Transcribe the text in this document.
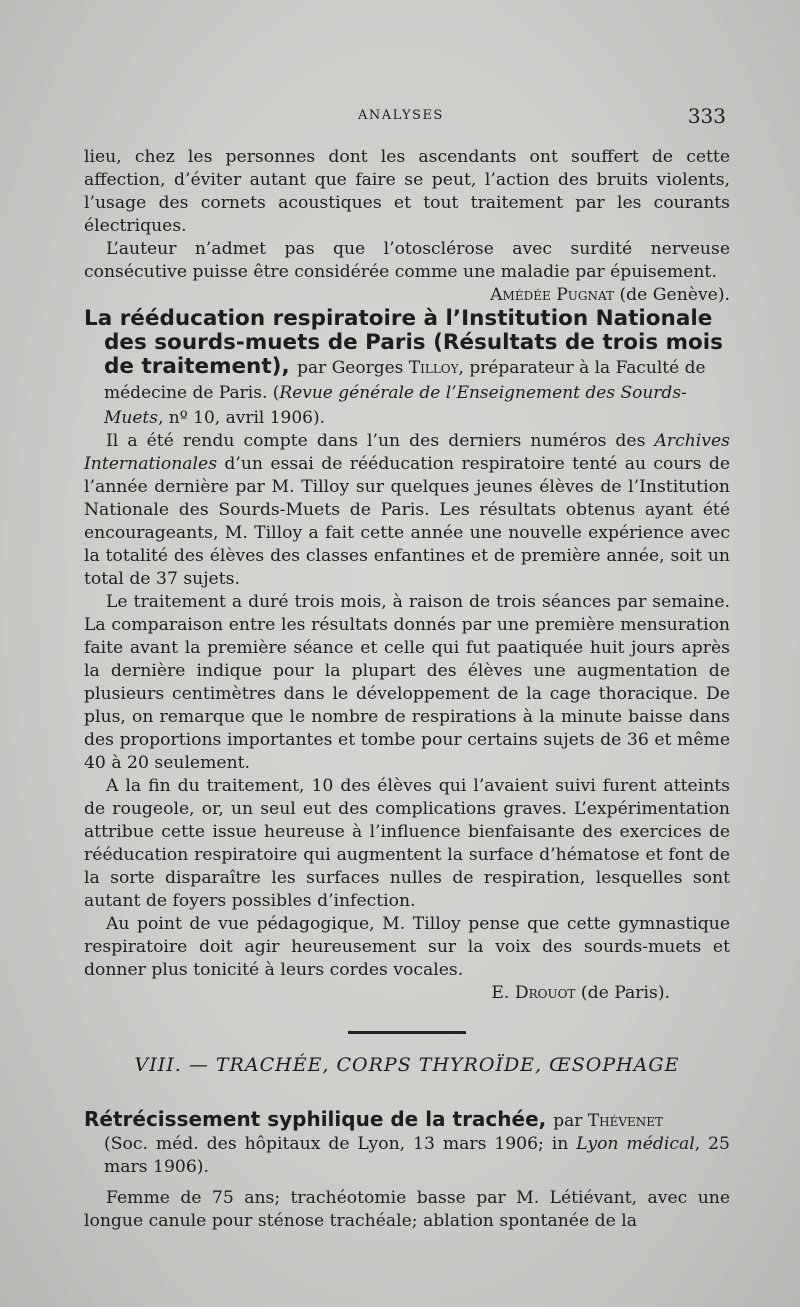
ANALYSES	333

lieu, chez les personnes dont les ascendants ont souffert de cette affection, d’éviter autant que faire se peut, l’action des bruits violents, l’usage des cornets acoustiques et tout traitement par les courants électriques.

L’auteur n’admet pas que l’otosclérose avec surdité nerveuse consécutive puisse être considérée comme une maladie par épuisement.

Amédée Pugnat (de Genève).

La rééducation respiratoire à l’Institution Nationale des sourds-muets de Paris (Résultats de trois mois de traitement), par Georges Tilloy, préparateur à la Faculté de médecine de Paris. (Revue générale de l’Enseignement des Sourds-Muets, nº 10, avril 1906).

Il a été rendu compte dans l’un des derniers numéros des Archives Internationales d’un essai de rééducation respiratoire tenté au cours de l’année dernière par M. Tilloy sur quelques jeunes élèves de l’Institution Nationale des Sourds-Muets de Paris. Les résultats obtenus ayant été encourageants, M. Tilloy a fait cette année une nouvelle expérience avec la totalité des élèves des classes enfantines et de première année, soit un total de 37 sujets.

Le traitement a duré trois mois, à raison de trois séances par semaine. La comparaison entre les résultats donnés par une première mensuration faite avant la première séance et celle qui fut paatiquée huit jours après la dernière indique pour la plupart des élèves une augmentation de plusieurs centimètres dans le développement de la cage thoracique. De plus, on remarque que le nombre de respirations à la minute baisse dans des proportions importantes et tombe pour certains sujets de 36 et même 40 à 20 seulement.

A la fin du traitement, 10 des élèves qui l’avaient suivi furent atteints de rougeole, or, un seul eut des complications graves. L’expérimentation attribue cette issue heureuse à l’influence bienfaisante des exercices de rééducation respiratoire qui augmentent la surface d’hématose et font de la sorte disparaître les surfaces nulles de respiration, lesquelles sont autant de foyers possibles d’infection.

Au point de vue pédagogique, M. Tilloy pense que cette gymnastique respiratoire doit agir heureusement sur la voix des sourds-muets et donner plus tonicité à leurs cordes vocales.

E. Drouot (de Paris).

VIII. — TRACHÉE, CORPS THYROÏDE, ŒSOPHAGE

Rétrécissement syphilique de la trachée, par Thévenet

(Soc. méd. des hôpitaux de Lyon, 13 mars 1906; in Lyon médical, 25 mars 1906).

Femme de 75 ans; trachéotomie basse par M. Létiévant, avec une longue canule pour sténose trachéale; ablation spontanée de la
